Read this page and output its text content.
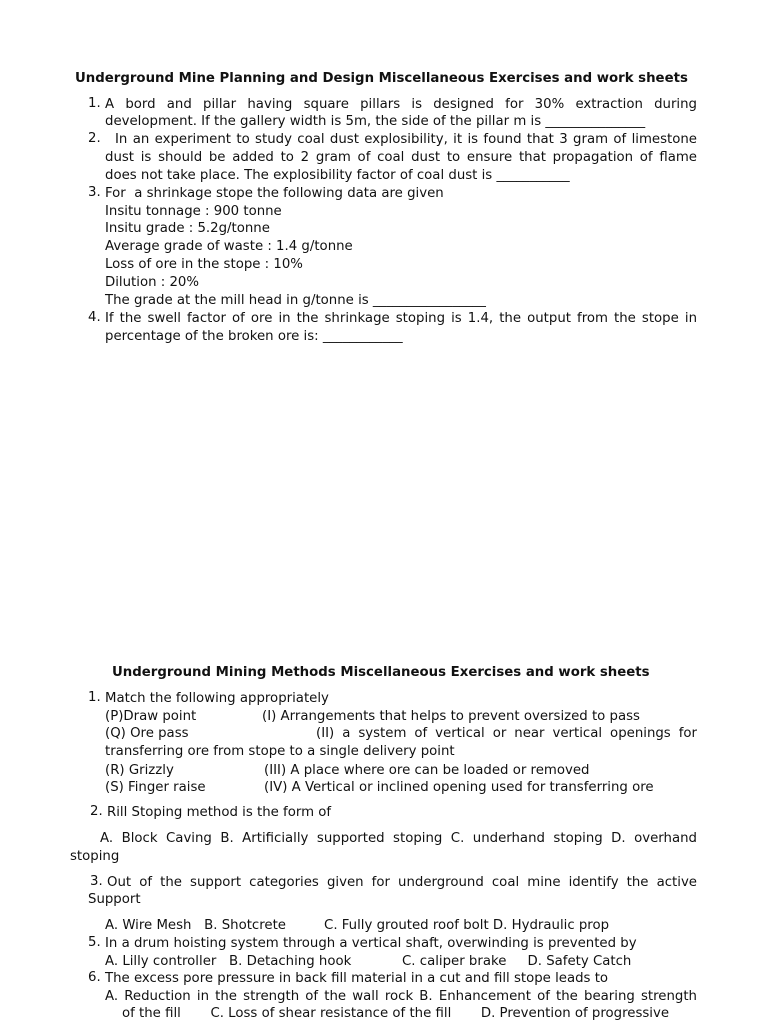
Underground Mine Planning and Design Miscellaneous Exercises and work sheets
1. A bord and pillar having square pillars is designed for 30% extraction during
development. If the gallery width is 5m, the side of the pillar m is _______________
2. In an experiment to study coal dust explosibility, it is found that 3 gram of limestone
dust is should be added to 2 gram of coal dust to ensure that propagation of flame
does not take place. The explosibility factor of coal dust is ___________
3. For  a shrinkage stope the following data are given
Insitu tonnage : 900 tonne
Insitu grade : 5.2g/tonne
Average grade of waste : 1.4 g/tonne
Loss of ore in the stope : 10%
Dilution : 20%
The grade at the mill head in g/tonne is _________________
4. If the swell factor of ore in the shrinkage stoping is 1.4, the output from the stope in
percentage of the broken ore is: ____________
Underground Mining Methods Miscellaneous Exercises and work sheets
1. Match the following appropriately
(P)Draw point	(I) Arrangements that helps to prevent oversized to pass
(Q) Ore pass	(II) a system of vertical or near vertical openings for
transferring ore from stope to a single delivery point
(R) Grizzly	(III) A place where ore can be loaded or removed
(S) Finger raise	(IV) A Vertical or inclined opening used for transferring ore
2. Rill Stoping method is the form of
A. Block Caving B. Artificially supported stoping C. underhand stoping D. overhand
stoping
3. Out of the support categories given for underground coal mine identify the active
Support
A. Wire Mesh   B. Shotcrete         C. Fully grouted roof bolt D. Hydraulic prop
5. In a drum hoisting system through a vertical shaft, overwinding is prevented by
A. Lilly controller   B. Detaching hook            C. caliper brake     D. Safety Catch
6. The excess pore pressure in back fill material in a cut and fill stope leads to
A. Reduction in the strength of the wall rock B. Enhancement of the bearing strength
of the fill       C. Loss of shear resistance of the fill       D. Prevention of progressive
